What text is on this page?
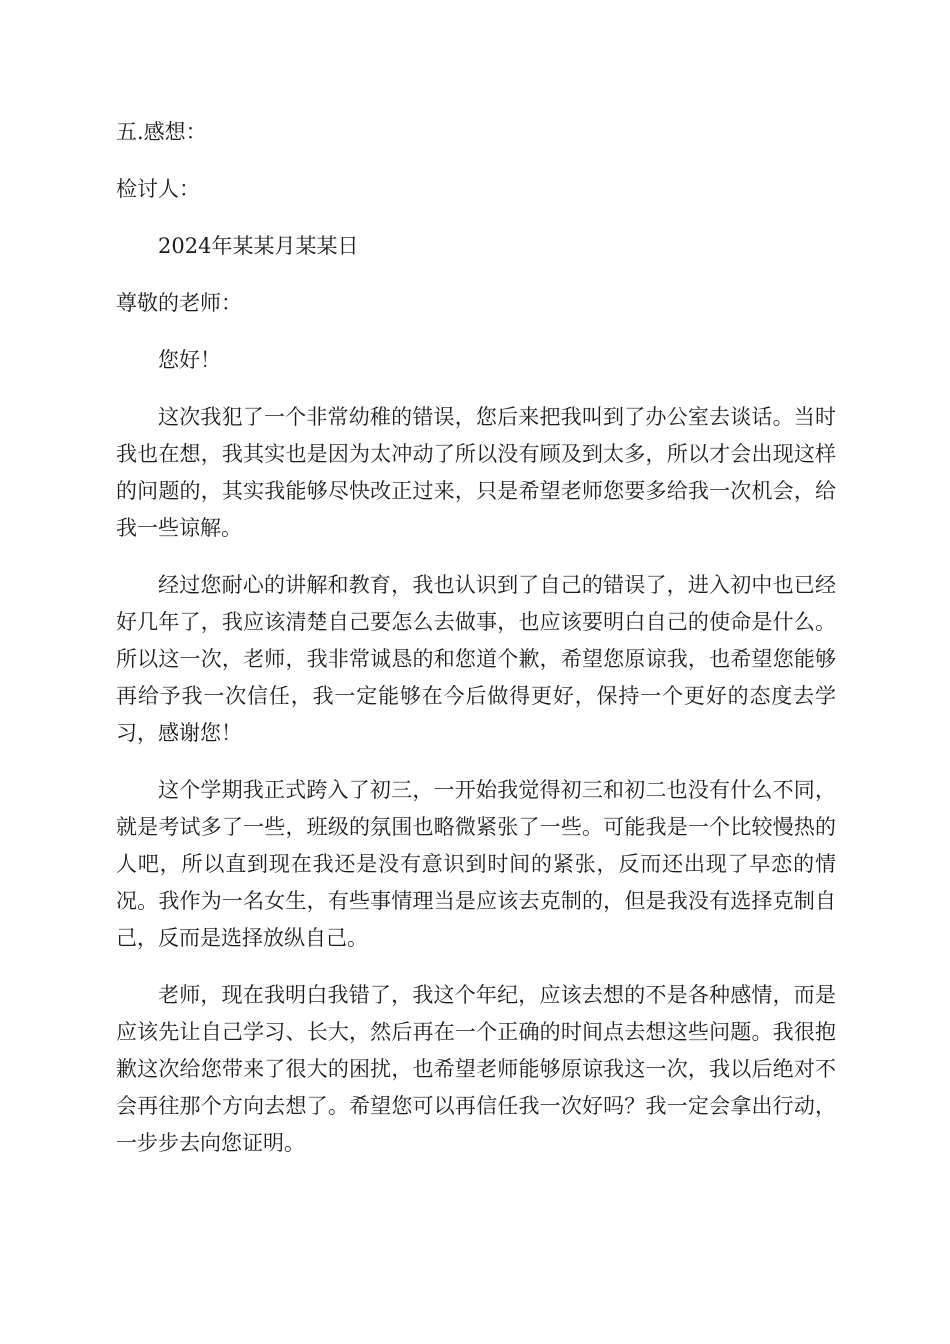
五.感想：

检讨人：

2024年某某月某某日

尊敬的老师：

您好！

这次我犯了一个非常幼稚的错误，您后来把我叫到了办公室去谈话。当时我也在想，我其实也是因为太冲动了所以没有顾及到太多，所以才会出现这样的问题的，其实我能够尽快改正过来，只是希望老师您要多给我一次机会，给我一些谅解。

经过您耐心的讲解和教育，我也认识到了自己的错误了，进入初中也已经好几年了，我应该清楚自己要怎么去做事，也应该要明白自己的使命是什么。所以这一次，老师，我非常诚恳的和您道个歉，希望您原谅我，也希望您能够再给予我一次信任，我一定能够在今后做得更好，保持一个更好的态度去学习，感谢您！

这个学期我正式跨入了初三，一开始我觉得初三和初二也没有什么不同，就是考试多了一些，班级的氛围也略微紧张了一些。可能我是一个比较慢热的人吧，所以直到现在我还是没有意识到时间的紧张，反而还出现了早恋的情况。我作为一名女生，有些事情理当是应该去克制的，但是我没有选择克制自己，反而是选择放纵自己。

老师，现在我明白我错了，我这个年纪，应该去想的不是各种感情，而是应该先让自己学习、长大，然后再在一个正确的时间点去想这些问题。我很抱歉这次给您带来了很大的困扰，也希望老师能够原谅我这一次，我以后绝对不会再往那个方向去想了。希望您可以再信任我一次好吗？我一定会拿出行动，一步步去向您证明。
